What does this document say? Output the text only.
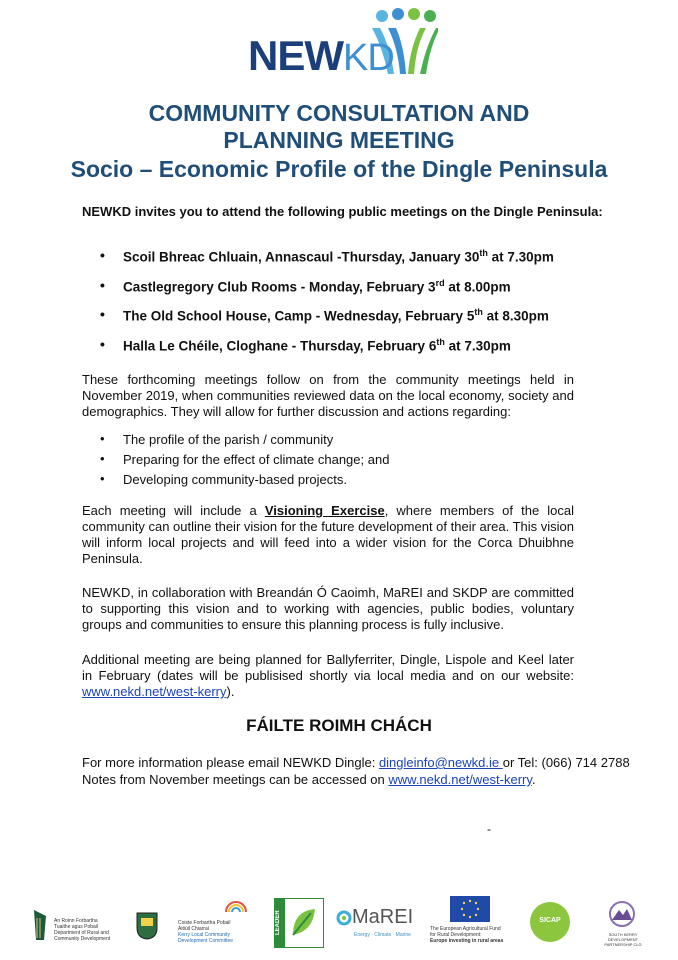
NEWKD
COMMUNITY CONSULTATION AND
PLANNING MEETING
Socio – Economic Profile of the Dingle Peninsula
NEWKD invites you to attend the following public meetings on the Dingle Peninsula:
• Scoil Bhreac Chluain, Annascaul -Thursday, January 30th at 7.30pm
• Castlegregory Club Rooms - Monday, February 3rd at 8.00pm
• The Old School House, Camp - Wednesday, February 5th at 8.30pm
• Halla Le Chéile, Cloghane - Thursday, February 6th at 7.30pm
These forthcoming meetings follow on from the community meetings held in November 2019, when communities reviewed data on the local economy, society and demographics. They will allow for further discussion and actions regarding:
• The profile of the parish / community
• Preparing for the effect of climate change; and
• Developing community-based projects.
Each meeting will include a Visioning Exercise, where members of the local community can outline their vision for the future development of their area. This vision will inform local projects and will feed into a wider vision for the Corca Dhuibhne Peninsula.
NEWKD, in collaboration with Breandán Ó Caoimh, MaREI and SKDP are committed to supporting this vision and to working with agencies, public bodies, voluntary groups and communities to ensure this planning process is fully inclusive.
Additional meeting are being planned for Ballyferriter, Dingle, Lispole and Keel later in February (dates will be publisised shortly via local media and on our website: www.nekd.net/west-kerry).
FÁILTE ROIMH CHÁCH
For more information please email NEWKD Dingle: dingleinfo@newkd.ie or Tel: (066) 714 2788
Notes from November meetings can be accessed on www.nekd.net/west-kerry.
-
An Roinn Forbartha
Tuaithe agus Pobail
Department of Rural and
Community Development
Coiste Forbartha Pobail
Áitiúil Chiarraí
Kerry Local Community
Development Committee
LEADER	MaREI
Energy · Climate · Marine
The European Agricultural Fund
for Rural Development:
Europe investing in rural areas
SICAP
SOUTH KERRY DEVELOPMENT PARTNERSHIP CLG
